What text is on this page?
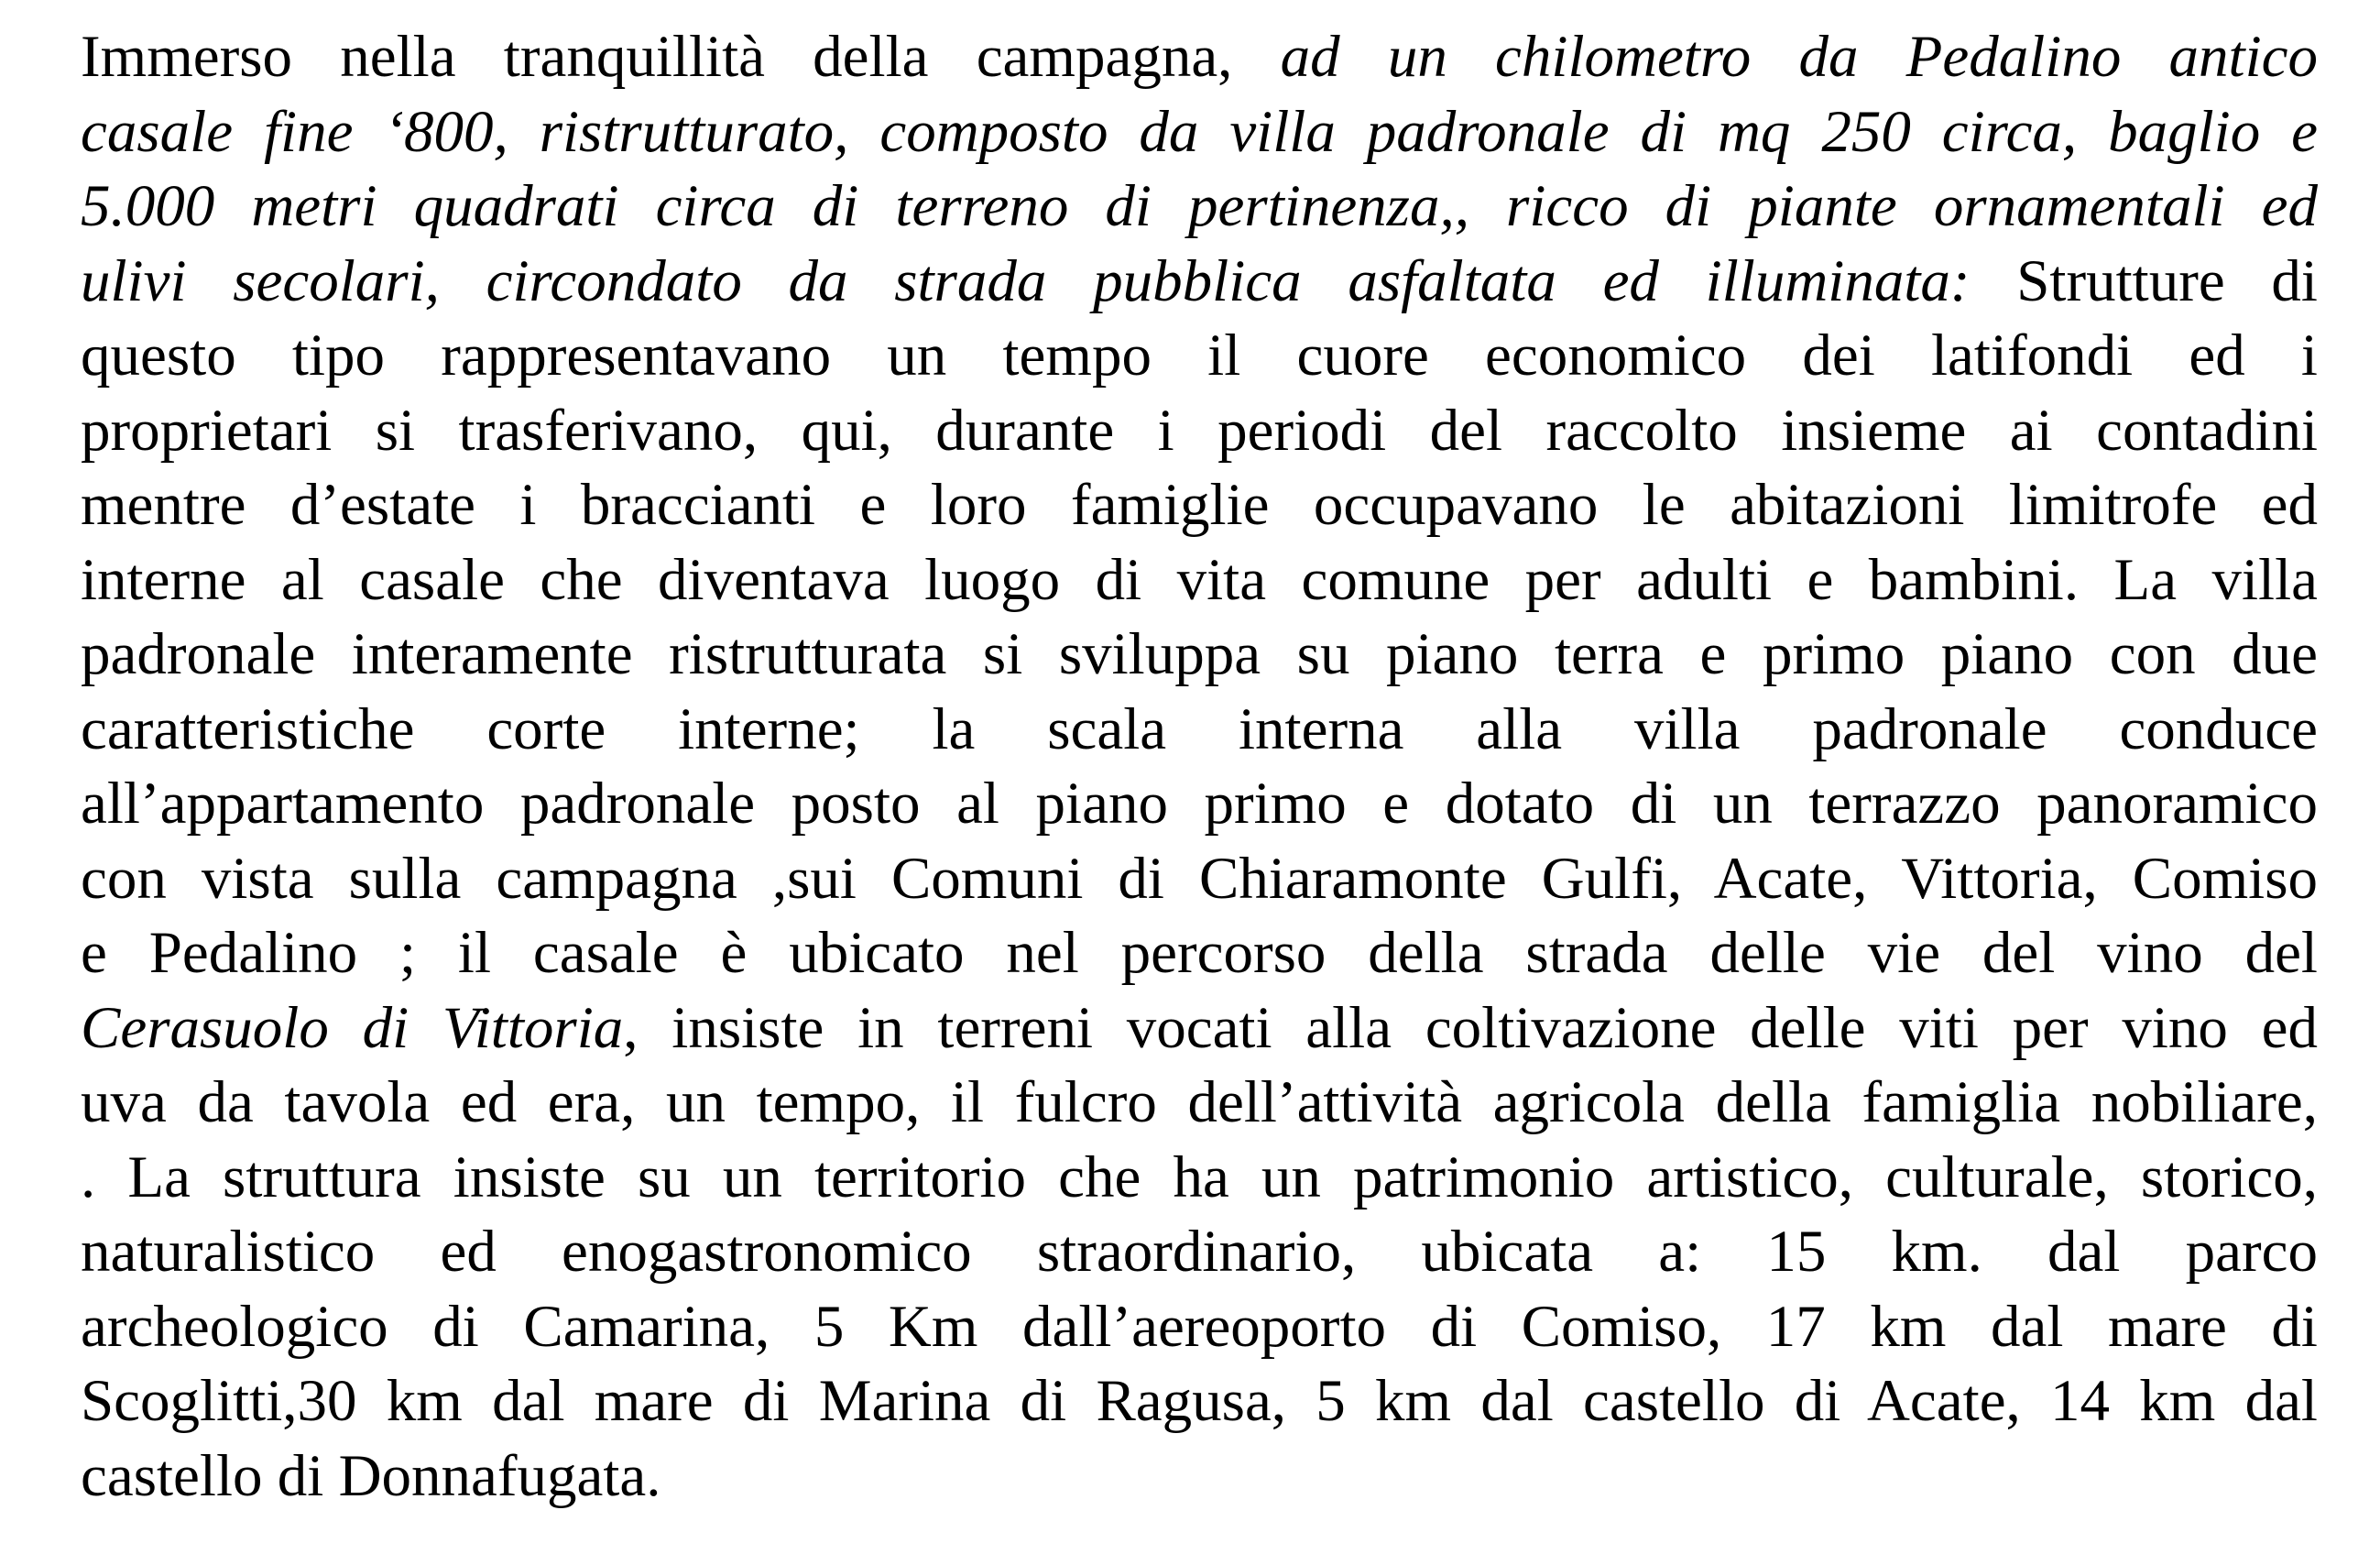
Immerso nella tranquillità della campagna, ad un chilometro da Pedalino antico
casale fine ‘800, ristrutturato, composto da villa padronale di mq 250 circa, baglio e
5.000 metri quadrati circa di terreno di pertinenza,, ricco di piante ornamentali ed
ulivi secolari, circondato da strada pubblica asfaltata ed illuminata: Strutture di
questo tipo rappresentavano un tempo il cuore economico dei latifondi ed i
proprietari si trasferivano, qui, durante i periodi del raccolto insieme ai contadini
mentre d’estate i braccianti e loro famiglie occupavano le abitazioni limitrofe ed
interne al casale che diventava luogo di vita comune per adulti e bambini. La villa
padronale interamente ristrutturata si sviluppa su piano terra e primo piano con due
caratteristiche corte interne; la scala interna alla villa padronale conduce
all’appartamento padronale posto al piano primo e dotato di un terrazzo panoramico
con vista sulla campagna ,sui Comuni di Chiaramonte Gulfi, Acate, Vittoria, Comiso
e Pedalino ; il casale è ubicato nel percorso della strada delle vie del vino del
Cerasuolo di Vittoria, insiste in terreni vocati alla coltivazione delle viti per vino ed
uva da tavola ed era, un tempo, il fulcro dell’attività agricola della famiglia nobiliare,
. La struttura insiste su un territorio che ha un patrimonio artistico, culturale, storico,
naturalistico ed enogastronomico straordinario, ubicata a: 15 km. dal parco
archeologico di Camarina, 5 Km dall’aereoporto di Comiso, 17 km dal mare di
Scoglitti,30 km dal mare di Marina di Ragusa, 5 km dal castello di Acate, 14 km dal
castello di Donnafugata.
